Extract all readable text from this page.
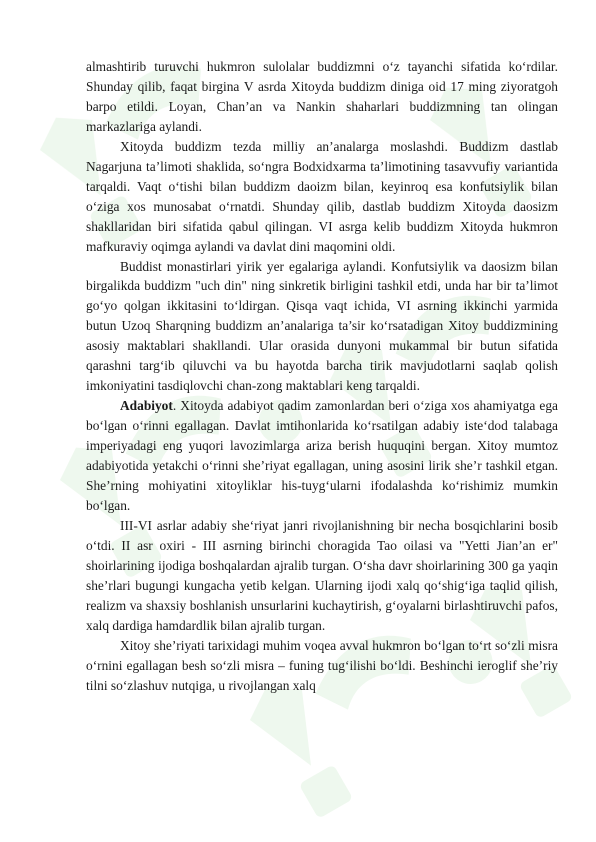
almashtirib turuvchi hukmron sulolalar buddizmni oʻz tayanchi sifatida koʻrdilar. Shunday qilib, faqat birgina V asrda Xitoyda buddizm diniga oid 17 ming ziyoratgoh barpo etildi. Loyan, Chan’an va Nankin shaharlari buddizmning tan olingan markazlariga aylandi.

Xitoyda buddizm tezda milliy an’analarga moslashdi. Buddizm dastlab Nagarjuna taʼlimoti shaklida, soʻngra Bodxidxarma taʼlimotining tasavvufiy variantida tarqaldi. Vaqt oʻtishi bilan buddizm daoizm bilan, keyinroq esa konfutsiylik bilan oʻziga xos munosabat oʻrnatdi. Shunday qilib, dastlab buddizm Xitoyda daosizm shakllaridan biri sifatida qabul qilingan. VI asrga kelib buddizm Xitoyda hukmron mafkuraviy oqimga aylandi va davlat dini maqomini oldi.

Buddist monastirlari yirik yer egalariga aylandi. Konfutsiylik va daosizm bilan birgalikda buddizm "uch din" ning sinkretik birligini tashkil etdi, unda har bir ta’limot goʻyo qolgan ikkitasini toʻldirgan. Qisqa vaqt ichida, VI asrning ikkinchi yarmida butun Uzoq Sharqning buddizm an’analariga ta’sir koʻrsatadigan Xitoy buddizmining asosiy maktablari shakllandi. Ular orasida dunyoni mukammal bir butun sifatida qarashni targʻib qiluvchi va bu hayotda barcha tirik mavjudotlarni saqlab qolish imkoniyatini tasdiqlovchi chan-zong maktablari keng tarqaldi.

Adabiyot. Xitoyda adabiyot qadim zamonlardan beri oʻziga xos ahamiyatga ega boʻlgan oʻrinni egallagan. Davlat imtihonlarida koʻrsatilgan adabiy isteʻdod talabaga imperiyadagi eng yuqori lavozimlarga ariza berish huquqini bergan. Xitoy mumtoz adabiyotida yetakchi oʻrinni sheʼriyat egallagan, uning asosini lirik sheʼr tashkil etgan. Sheʼrning mohiyatini xitoyliklar his-tuygʻularni ifodalashda koʻrishimiz mumkin boʻlgan.

III-VI asrlar adabiy sheʻriyat janri rivojlanishning bir necha bosqichlarini bosib oʻtdi. II asr oxiri - III asrning birinchi choragida Tao oilasi va "Yetti Jian’an er" shoirlarining ijodiga boshqalardan ajralib turgan. Oʻsha davr shoirlarining 300 ga yaqin sheʼrlari bugungi kungacha yetib kelgan. Ularning ijodi xalq qoʻshigʻiga taqlid qilish, realizm va shaxsiy boshlanish unsurlarini kuchaytirish, gʻoyalarni birlashtiruvchi pafos, xalq dardiga hamdardlik bilan ajralib turgan.

Xitoy sheʼriyati tarixidagi muhim voqea avval hukmron boʻlgan toʻrt soʻzli misra oʻrnini egallagan besh soʻzli misra – funing tugʻilishi boʻldi. Beshinchi ieroglif sheʼriy tilni soʻzlashuv nutqiga, u rivojlangan xalq
